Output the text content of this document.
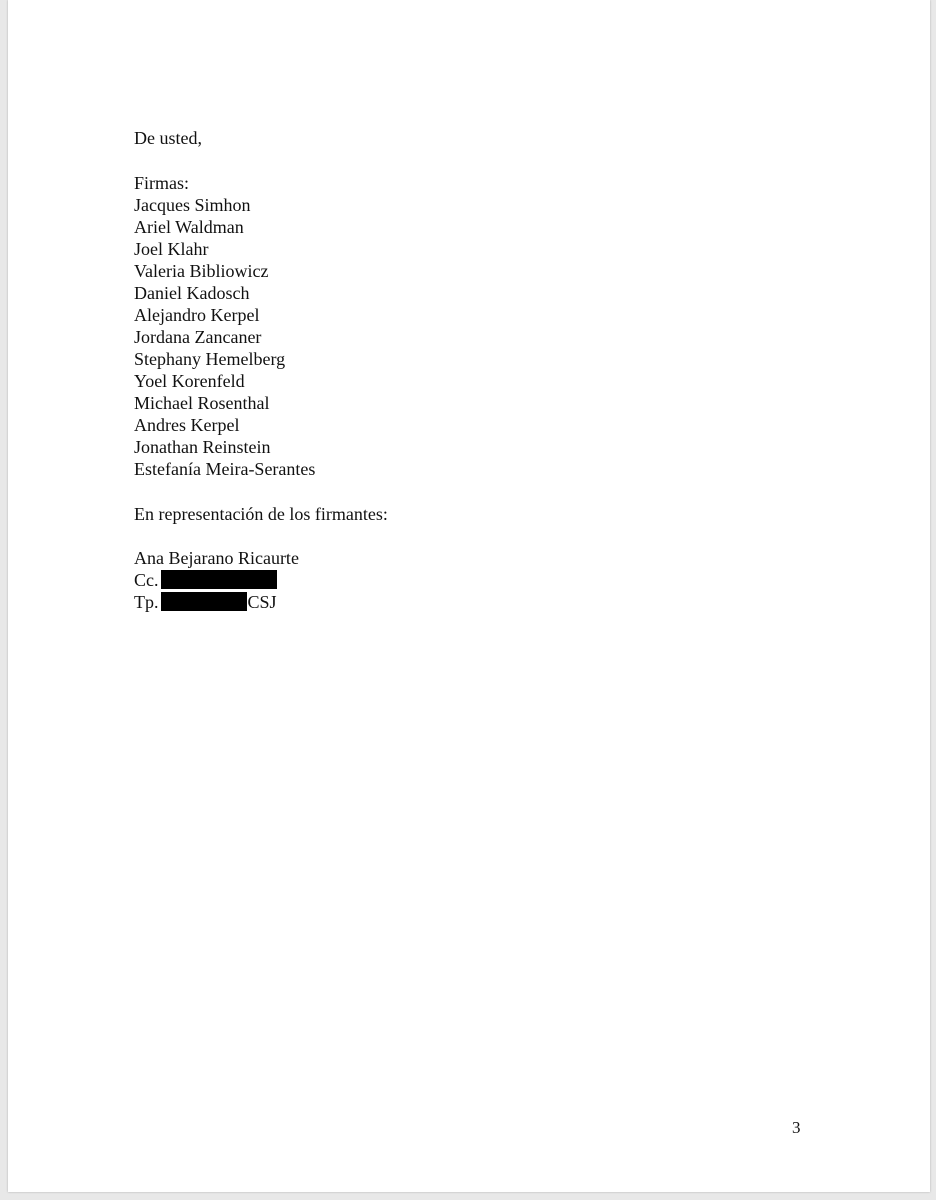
De usted,
Firmas:
Jacques Simhon
Ariel Waldman
Joel Klahr
Valeria Bibliowicz
Daniel Kadosch
Alejandro Kerpel
Jordana Zancaner
Stephany Hemelberg
Yoel Korenfeld
Michael Rosenthal
Andres Kerpel
Jonathan Reinstein
Estefanía Meira-Serantes
En representación de los firmantes:
Ana Bejarano Ricaurte
Cc.
Tp.	CSJ
3
